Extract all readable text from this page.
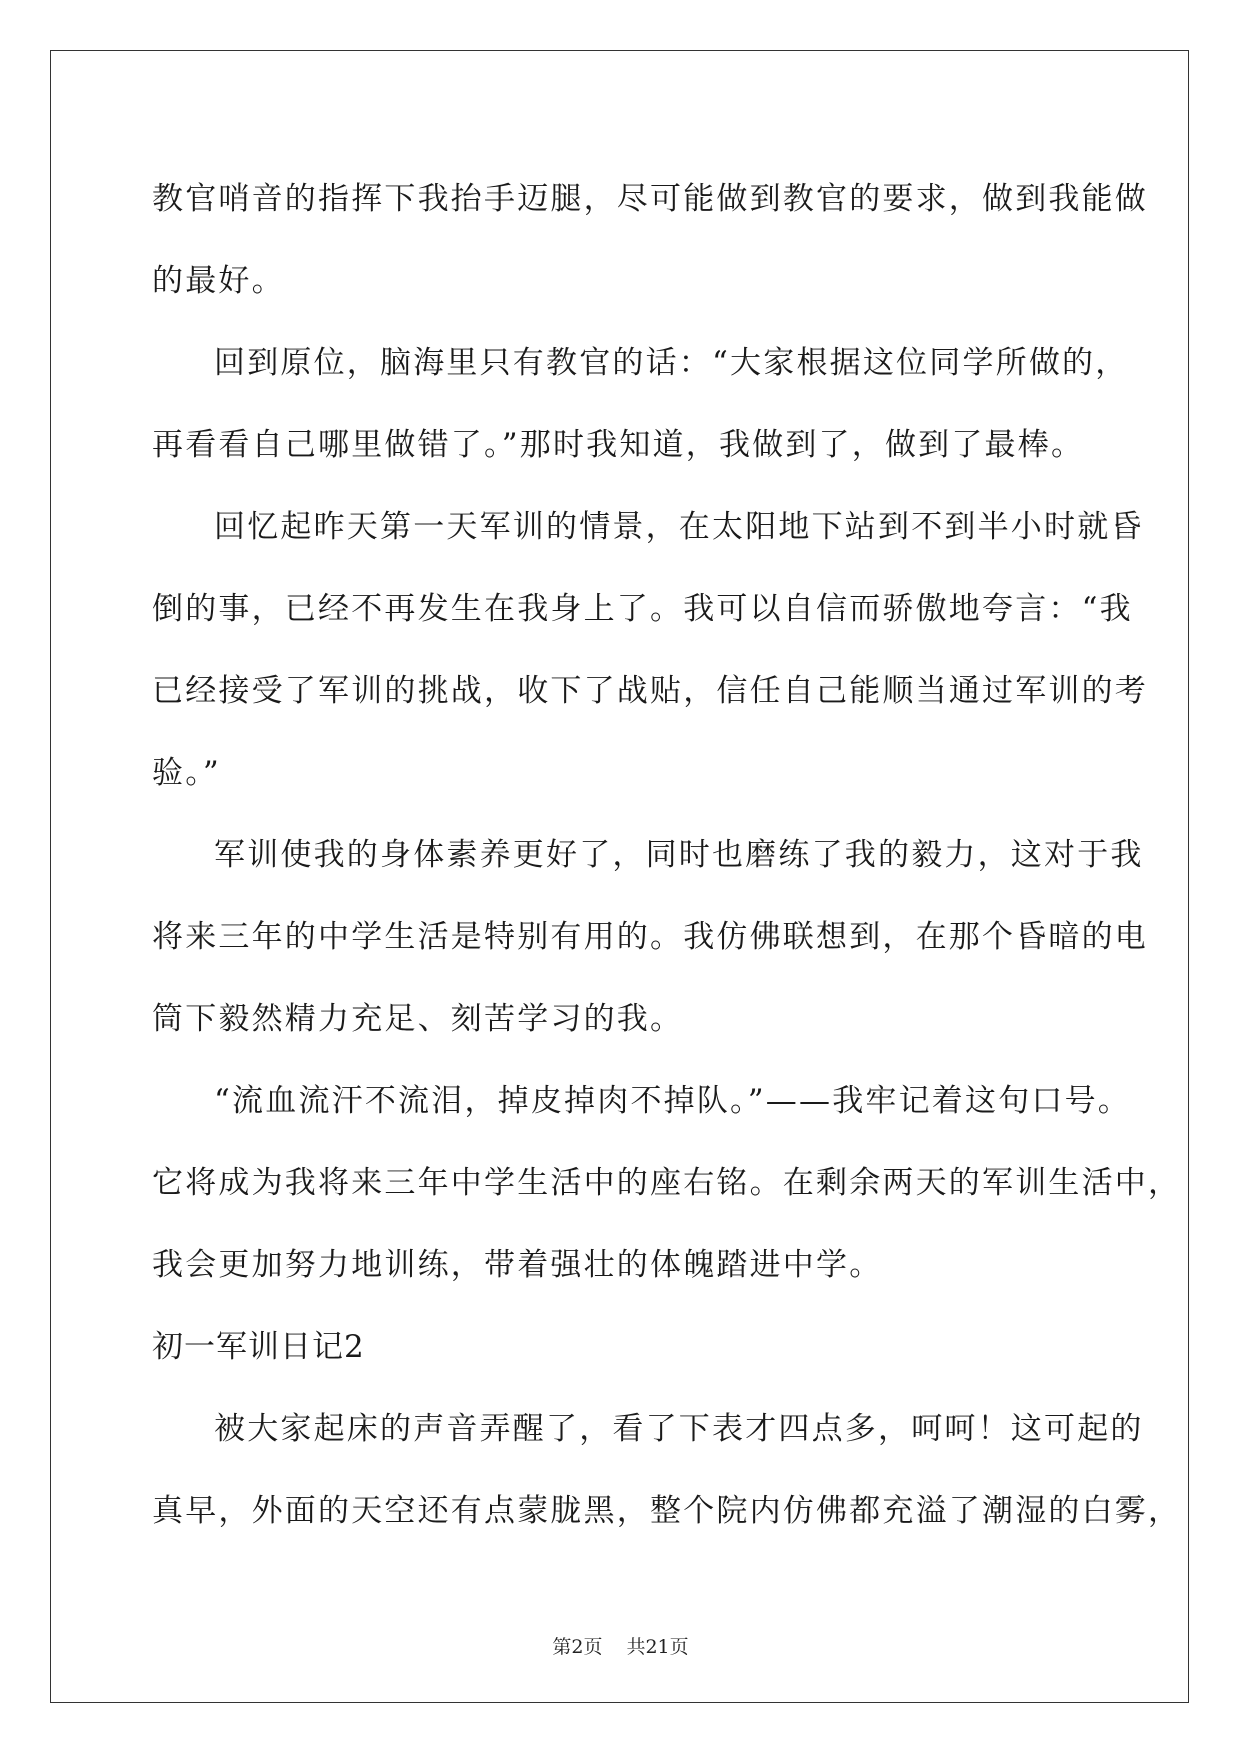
教官哨音的指挥下我抬手迈腿，尽可能做到教官的要求，做到我能做
的最好。
回到原位，脑海里只有教官的话：“大家根据这位同学所做的，
再看看自己哪里做错了。”那时我知道，我做到了，做到了最棒。
回忆起昨天第一天军训的情景，在太阳地下站到不到半小时就昏
倒的事，已经不再发生在我身上了。我可以自信而骄傲地夸言：“我
已经接受了军训的挑战，收下了战贴，信任自己能顺当通过军训的考
验。”
军训使我的身体素养更好了，同时也磨练了我的毅力，这对于我
将来三年的中学生活是特别有用的。我仿佛联想到，在那个昏暗的电
筒下毅然精力充足、刻苦学习的我。
“流血流汗不流泪，掉皮掉肉不掉队。”——我牢记着这句口号。
它将成为我将来三年中学生活中的座右铭。在剩余两天的军训生活中，
我会更加努力地训练，带着强壮的体魄踏进中学。
初一军训日记2
被大家起床的声音弄醒了，看了下表才四点多，呵呵！这可起的
真早，外面的天空还有点蒙胧黑，整个院内仿佛都充溢了潮湿的白雾，
第2页 共21页
